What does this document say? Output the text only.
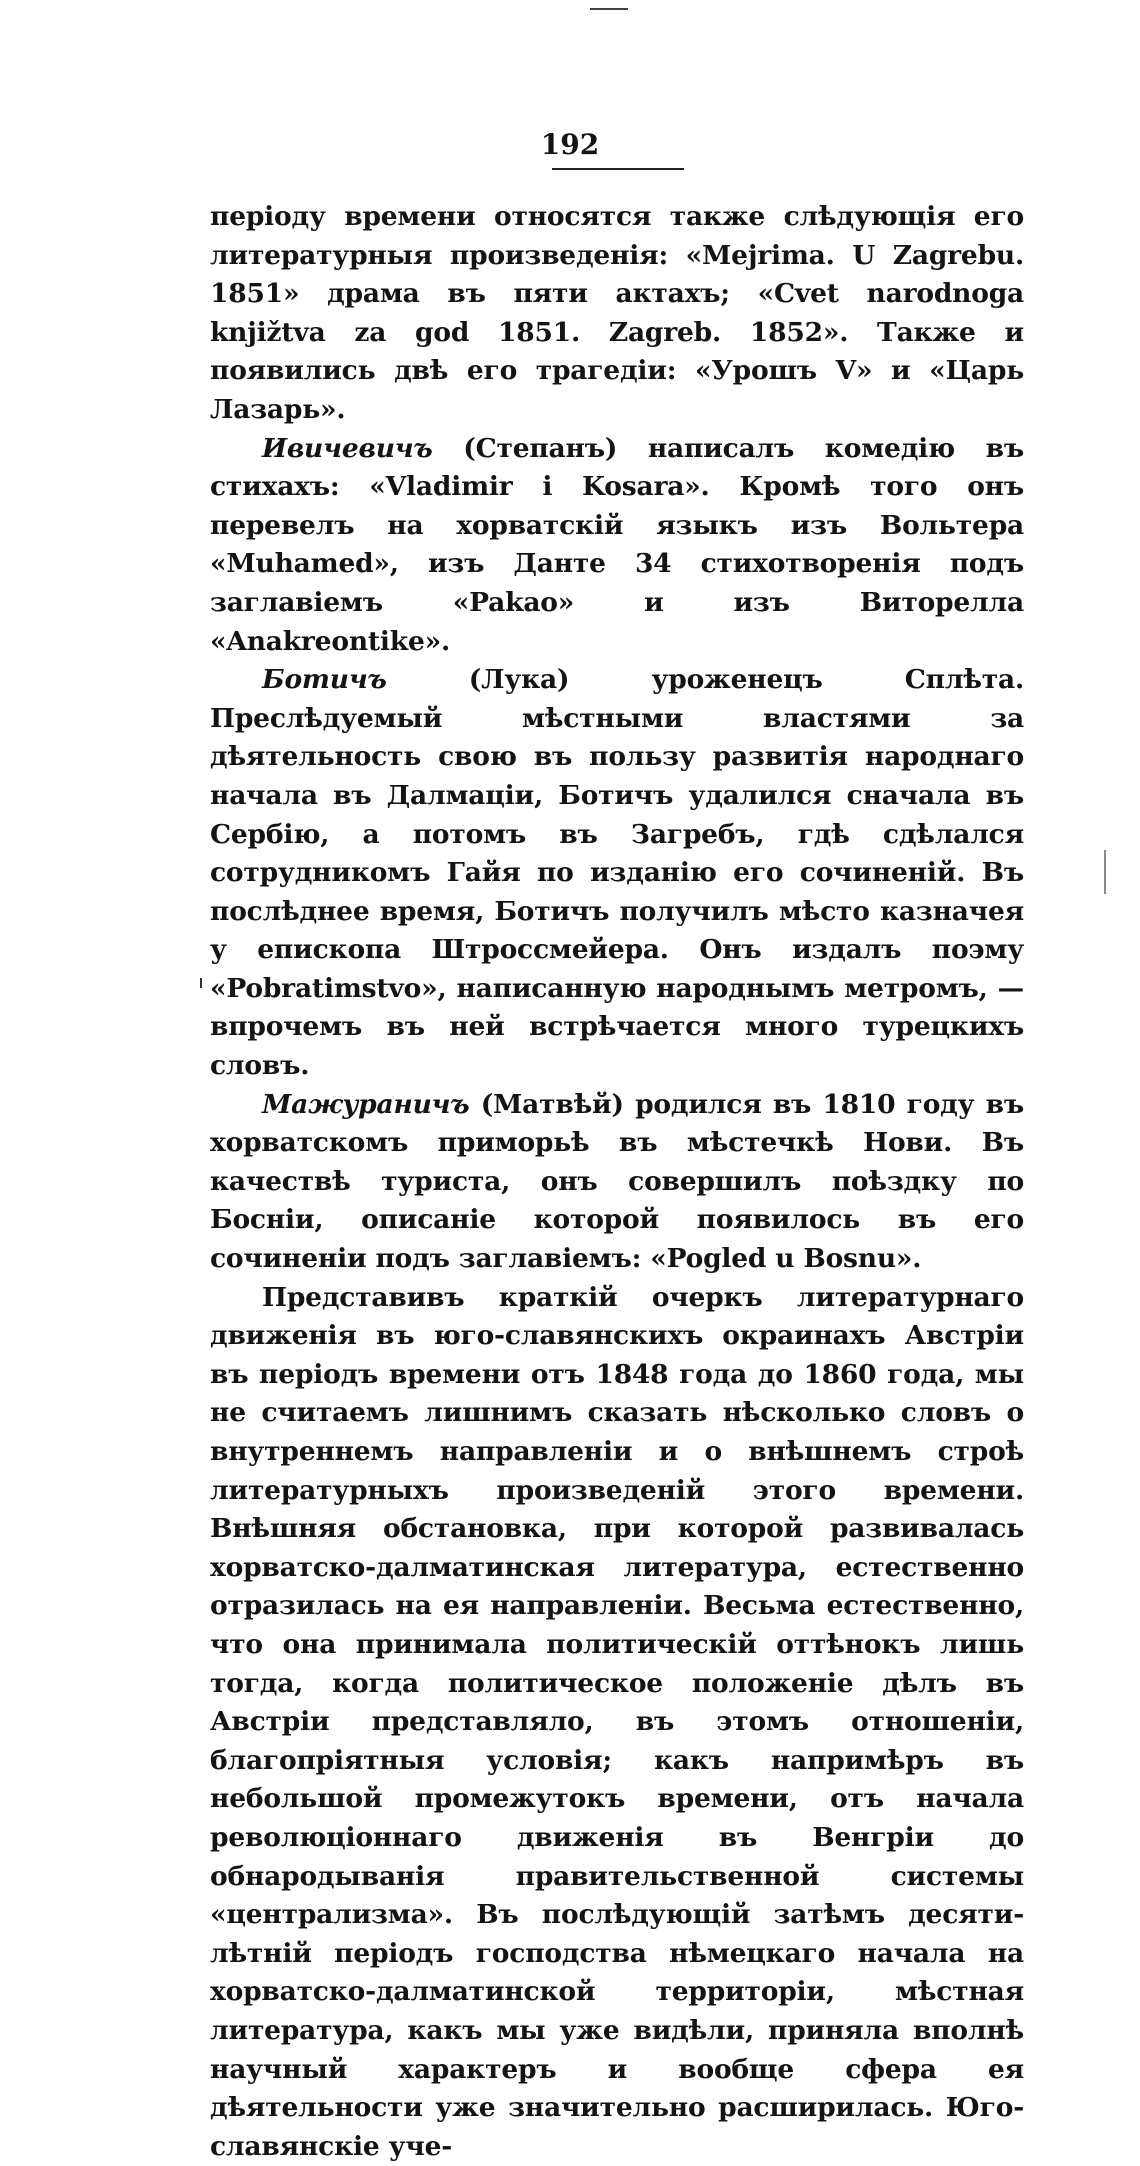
192

періоду времени относятся также слѣдующія его литературныя произведенія: «Mejrima. U Zagrebu. 1851» драма въ пяти актахъ; «Cvet narodnoga knjižtva za god 1851. Zagreb. 1852». Также и появились двѣ его трагедіи: «Урошъ V» и «Царь Лазарь».

Ивичевичъ (Степанъ) написалъ комедію въ стихахъ: «Vladimir i Kosara». Кромѣ того онъ перевелъ на хорватскій языкъ изъ Вольтера «Muhamed», изъ Данте 34 стихотворенія подъ заглавіемъ «Pakao» и изъ Виторелла «Anakreontike».

Ботичъ (Лука) уроженецъ Сплѣта. Преслѣдуемый мѣстными властями за дѣятельность свою въ пользу развитія народнаго начала въ Далмаціи, Ботичъ удалился сначала въ Сербію, а потомъ въ Загребъ, гдѣ сдѣлался сотрудникомъ Гайя по изданію его сочиненій. Въ послѣднее время, Ботичъ получилъ мѣсто казначея у епископа Штроссмейера. Онъ издалъ поэму «Pobratimstvo», написанную народнымъ метромъ, — впрочемъ въ ней встрѣчается много турецкихъ словъ.

Мажураничъ (Матвѣй) родился въ 1810 году въ хорватскомъ приморьѣ въ мѣстечкѣ Нови. Въ качествѣ туриста, онъ совершилъ поѣздку по Босніи, описаніе которой появилось въ его сочиненіи подъ заглавіемъ: «Pogled u Bosnu».

Представивъ краткій очеркъ литературнаго движенія въ юго-славянскихъ окраинахъ Австріи въ періодъ времени отъ 1848 года до 1860 года, мы не считаемъ лишнимъ сказать нѣсколько словъ о внутреннемъ направленіи и о внѣшнемъ строѣ литературныхъ произведеній этого времени. Внѣшняя обстановка, при которой развивалась хорватско-далматинская литература, естественно отразилась на ея направленіи. Весьма естественно, что она принимала политическій оттѣнокъ лишь тогда, когда политическое положеніе дѣлъ въ Австріи представляло, въ этомъ отношеніи, благопріятныя условія; какъ напримѣръ въ небольшой промежутокъ времени, отъ начала революціоннаго движенія въ Венгріи до обнародыванія правительственной системы «централизма». Въ послѣдующій затѣмъ десяти-лѣтній періодъ господства нѣмецкаго начала на хорватско-далматинской территоріи, мѣстная литература, какъ мы уже видѣли, приняла вполнѣ научный характеръ и вообще сфера ея дѣятельности уже значительно расширилась. Юго-славянскіе уче-
